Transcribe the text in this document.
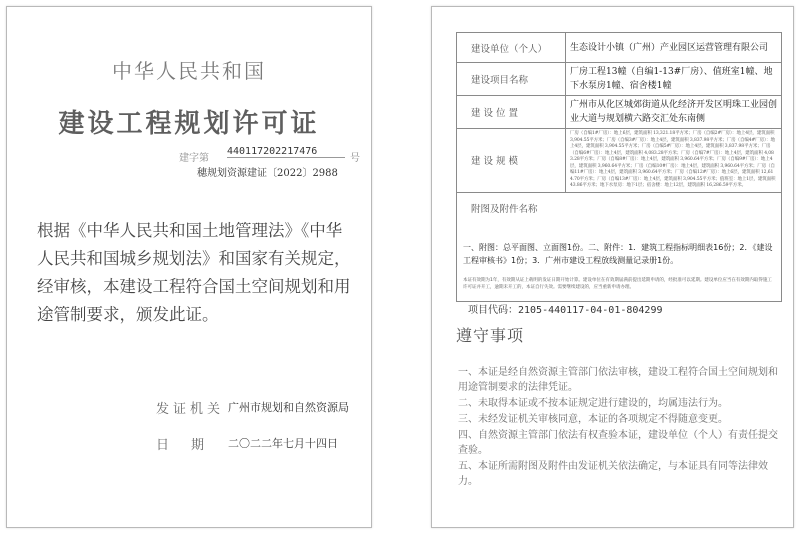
中华人民共和国
建设工程规划许可证
建字第
440117202217476
号
穗规划资源建证〔2022〕2988
根据《中华人民共和国土地管理法》《中华人民共和国城乡规划法》和国家有关规定，经审核，本建设工程符合国土空间规划和用途管制要求，颁发此证。
发证机关 广州市规划和自然资源局
日期 二〇二二年七月十四日
建设单位（个人）	生态设计小镇（广州）产业园区运营管理有限公司
建设项目名称	厂房工程13幢（自编1-13#厂房）、值班室1幢、地下水泵房1幢、宿舍楼1幢
建 设 位 置	广州市从化区城郊街道从化经济开发区明珠工业园创业大道与规划横六路交汇处东南侧
建 设 规 模	厂房（自编1#厂房）：地上6层，建筑面积 13,321.18平方米；厂房（自编2#厂房）：地上4层，建筑面积 3,904.55平方米；厂房（自编3#厂房）：地上4层，建筑面积 3,837.98平方米；厂房（自编4#厂房）：地上4层，建筑面积 3,904.55平方米；厂房（自编5#厂房）：地上4层，建筑面积 3,837.98平方米；厂房（自编6#厂房）：地上4层，建筑面积 4,083.28平方米；厂房（自编7#厂房）：地上4层，建筑面积 4,083.28平方米；厂房（自编8#厂房）：地上4层，建筑面积 3,960.64平方米；厂房（自编9#厂房）：地上4层，建筑面积 3,960.64平方米；厂房（自编10#厂房）：地上4层，建筑面积 3,960.64平方米；厂房（自编11#厂房）：地上4层，建筑面积 3,960.64平方米；厂房（自编12#厂房）：地上6层，建筑面积 12,614.70平方米；厂房（自编13#厂房）：地上4层，建筑面积 3,904.55平方米；值班室：地上1层，建筑面积 43.86平方米；地下水泵房：地下1层；宿舍楼：地上12层，建筑面积 16,286.59平方米。

附图及附件名称
一、附图：总平面图、立面图1份。二、附件：1．建筑工程指标明细表16份；2．《建设工程审核书》1份；3．广州市建设工程放线测量记录册1份。
本证有效期为1年，有效期从证上载明的发证日期开始计算。建设单位在有效期届满前提出延期申请的，经批准可以延期。建设单位应当在有效期内取得施工许可证并开工，逾期未开工的，本证自行失效。需要继续建设的，应当重新申请办理。	
项目代码：2105-440117-04-01-804299
遵守事项
一、本证是经自然资源主管部门依法审核，建设工程符合国土空间规划和用途管制要求的法律凭证。
二、未取得本证或不按本证规定进行建设的，均属违法行为。
三、未经发证机关审核同意，本证的各项规定不得随意变更。
四、自然资源主管部门依法有权查验本证，建设单位（个人）有责任提交查验。
五、本证所需附图及附件由发证机关依法确定，与本证具有同等法律效力。
